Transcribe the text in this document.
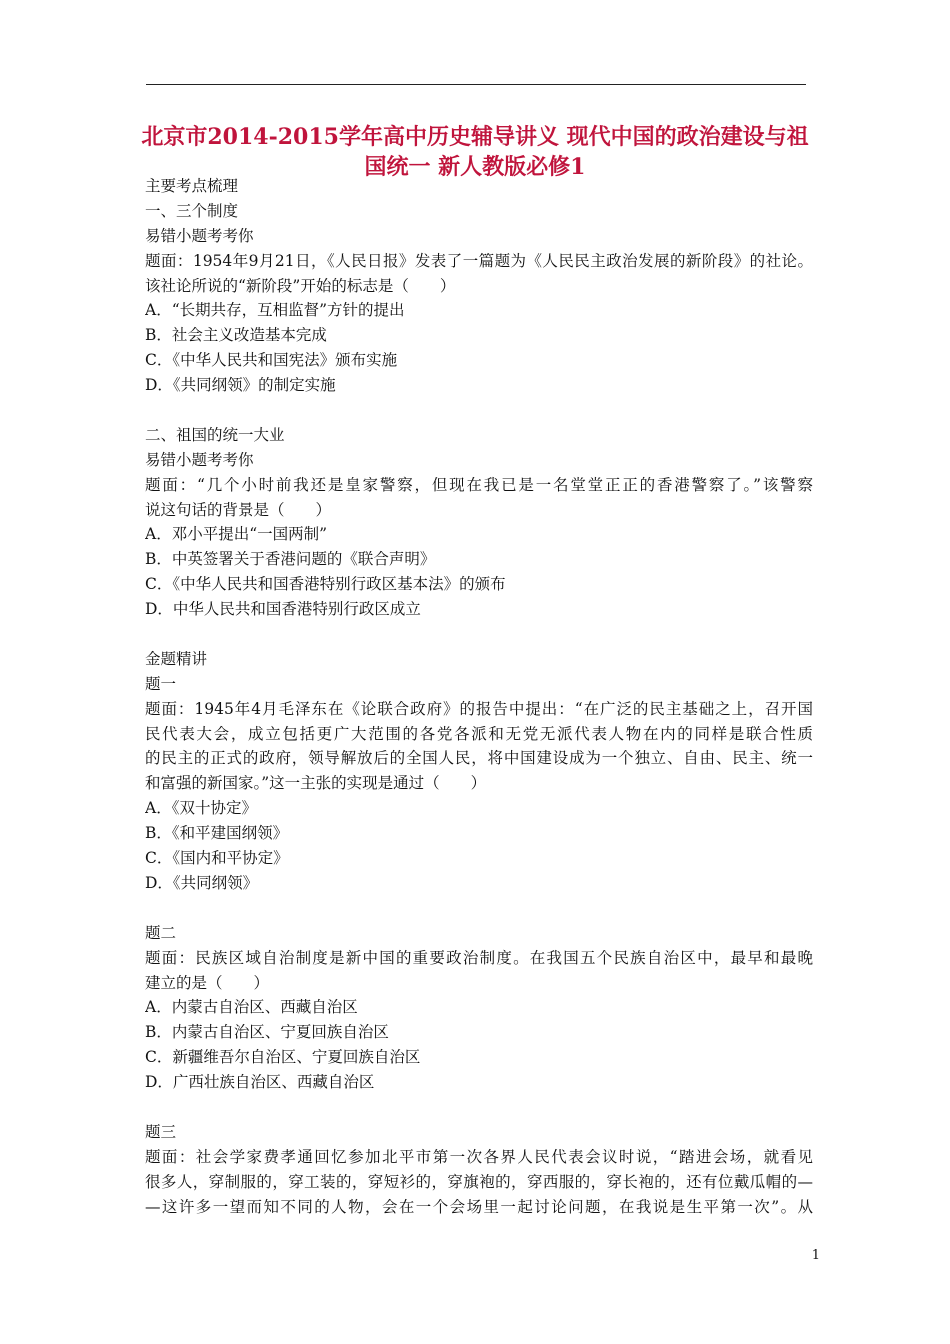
北京市2014-2015学年高中历史辅导讲义 现代中国的政治建设与祖
国统一 新人教版必修1
主要考点梳理
一、三个制度
易错小题考考你
题面：1954年9月21日，《人民日报》发表了一篇题为《人民民主政治发展的新阶段》的社论。
该社论所说的“新阶段”开始的标志是（　　）
A．“长期共存，互相监督”方针的提出
B．社会主义改造基本完成
C．《中华人民共和国宪法》颁布实施
D．《共同纲领》的制定实施
二、祖国的统一大业
易错小题考考你
题面：“几个小时前我还是皇家警察，但现在我已是一名堂堂正正的香港警察了。”该警察
说这句话的背景是（　　）
A．邓小平提出“一国两制”
B．中英签署关于香港问题的《联合声明》
C．《中华人民共和国香港特别行政区基本法》的颁布
D．中华人民共和国香港特别行政区成立
金题精讲
题一
题面：1945年4月毛泽东在《论联合政府》的报告中提出：“在广泛的民主基础之上，召开国
民代表大会，成立包括更广大范围的各党各派和无党无派代表人物在内的同样是联合性质
的民主的正式的政府，领导解放后的全国人民，将中国建设成为一个独立、自由、民主、统一
和富强的新国家。”这一主张的实现是通过（　　）
A．《双十协定》
B．《和平建国纲领》
C．《国内和平协定》
D．《共同纲领》
题二
题面：民族区域自治制度是新中国的重要政治制度。在我国五个民族自治区中，最早和最晚
建立的是（　　）
A．内蒙古自治区、西藏自治区
B．内蒙古自治区、宁夏回族自治区
C．新疆维吾尔自治区、宁夏回族自治区
D．广西壮族自治区、西藏自治区
题三
题面：社会学家费孝通回忆参加北平市第一次各界人民代表会议时说，“踏进会场，就看见
很多人，穿制服的，穿工装的，穿短衫的，穿旗袍的，穿西服的，穿长袍的，还有位戴瓜帽的—
—这许多一望而知不同的人物，会在一个会场里一起讨论问题，在我说是生平第一次”。从
1
